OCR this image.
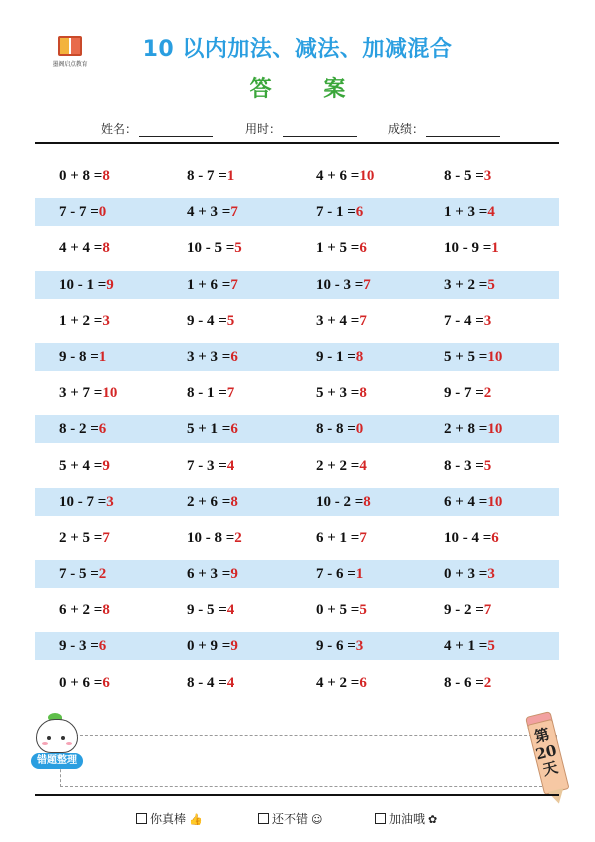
墨阁启点教育
10 以内加法、减法、加减混合
答 案
姓名：	用时：	成绩：
0 + 8 =8	8 - 7 =1	4 + 6 =10	8 - 5 =3
7 - 7 =0	4 + 3 =7	7 - 1 =6	1 + 3 =4
4 + 4 =8	10 - 5 =5	1 + 5 =6	10 - 9 =1
10 - 1 =9	1 + 6 =7	10 - 3 =7	3 + 2 =5
1 + 2 =3	9 - 4 =5	3 + 4 =7	7 - 4 =3
9 - 8 =1	3 + 3 =6	9 - 1 =8	5 + 5 =10
3 + 7 =10	8 - 1 =7	5 + 3 =8	9 - 7 =2
8 - 2 =6	5 + 1 =6	8 - 8 =0	2 + 8 =10
5 + 4 =9	7 - 3 =4	2 + 2 =4	8 - 3 =5
10 - 7 =3	2 + 6 =8	10 - 2 =8	6 + 4 =10
2 + 5 =7	10 - 8 =2	6 + 1 =7	10 - 4 =6
7 - 5 =2	6 + 3 =9	7 - 6 =1	0 + 3 =3
6 + 2 =8	9 - 5 =4	0 + 5 =5	9 - 2 =7
9 - 3 =6	0 + 9 =9	9 - 6 =3	4 + 1 =5
0 + 6 =6	8 - 4 =4	4 + 2 =6	8 - 6 =2
错题整理
第
20
天
你真棒 👍	还不错 ☺	加油哦 ✿
